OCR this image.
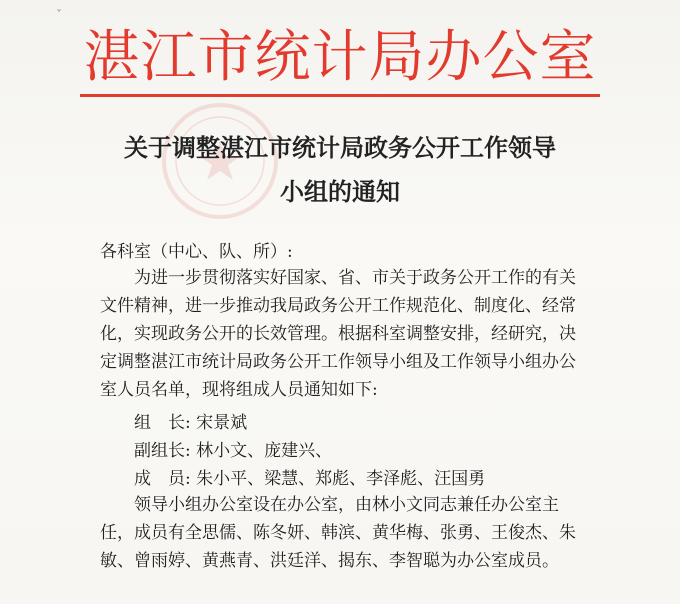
ˇ
湛江市统计局办公室
关于调整湛江市统计局政务公开工作领导
小组的通知
各科室（中心、队、所）:
为进一步贯彻落实好国家、省、市关于政务公开工作的有关文件精神，进一步推动我局政务公开工作规范化、制度化、经常化，实现政务公开的长效管理。根据科室调整安排，经研究，决定调整湛江市统计局政务公开工作领导小组及工作领导小组办公室人员名单，现将组成人员通知如下:
组　长: 宋景斌
副组长: 林小文、庞建兴、
成　员: 朱小平、梁慧、郑彪、李泽彪、汪国勇
领导小组办公室设在办公室，由林小文同志兼任办公室主任，成员有全思儒、陈冬妍、韩滨、黄华梅、张勇、王俊杰、朱敏、曾雨婷、黄燕青、洪廷洋、揭东、李智聪为办公室成员。
